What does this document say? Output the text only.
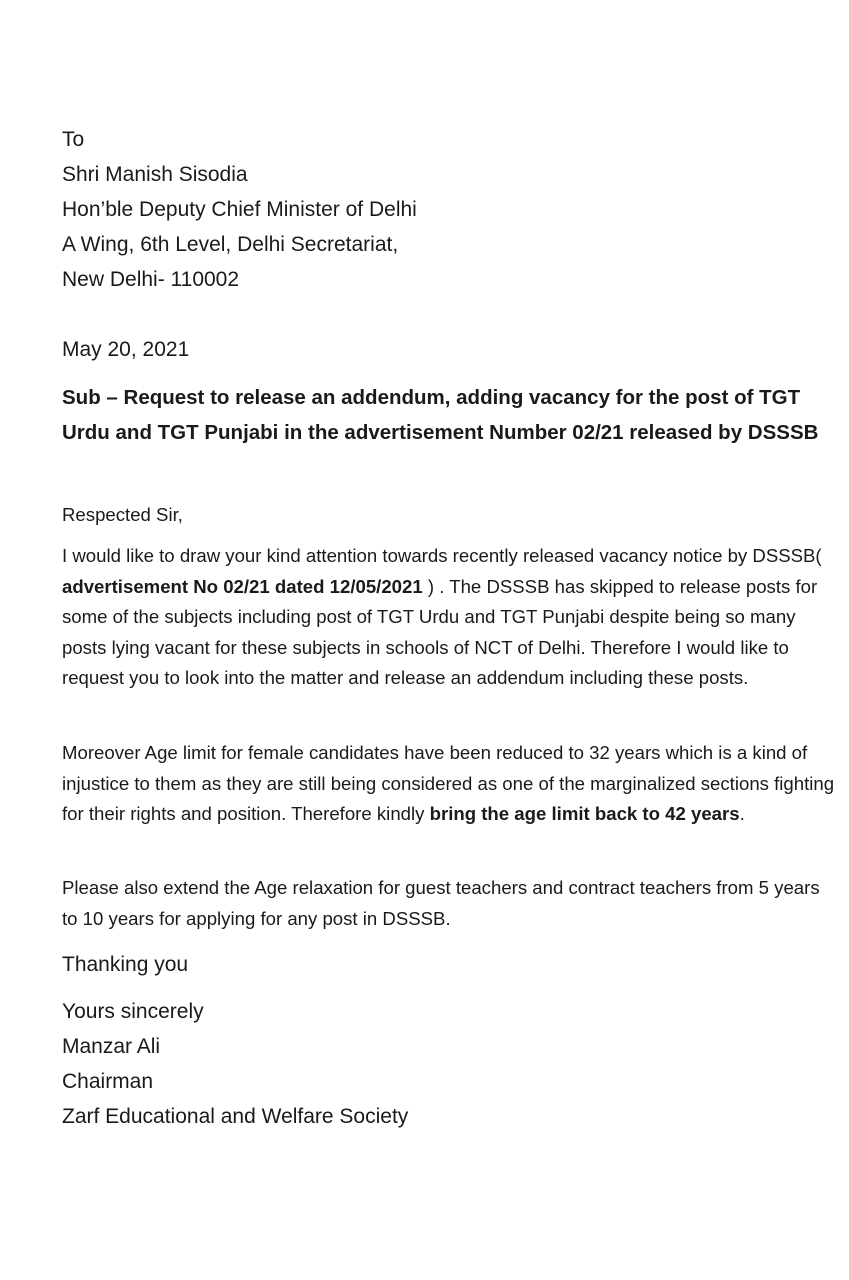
To

Shri Manish Sisodia

Hon’ble Deputy Chief Minister of Delhi

A Wing, 6th Level, Delhi Secretariat,

New Delhi- 110002

May 20, 2021

Sub – Request to release an addendum, adding vacancy for the post of TGT Urdu and TGT Punjabi in the advertisement Number 02/21 released by DSSSB

Respected Sir,

I would like to draw your kind attention towards recently released vacancy notice by DSSSB( advertisement No 02/21 dated 12/05/2021 ) . The DSSSB has skipped to release posts for some of the subjects including post of TGT Urdu and TGT Punjabi despite being so many posts lying vacant for these subjects in schools of NCT of Delhi. Therefore I would like to request you to look into the matter and release an addendum including these posts.

Moreover Age limit for female candidates have been reduced to 32 years which is a kind of injustice to them as they are still being considered as one of the marginalized sections fighting for their rights and position. Therefore kindly bring the age limit back to 42 years.

Please also extend the Age relaxation for guest teachers and contract teachers from 5 years to 10 years for applying for any post in DSSSB.

Thanking you

Yours sincerely

Manzar Ali

Chairman

Zarf Educational and Welfare Society
